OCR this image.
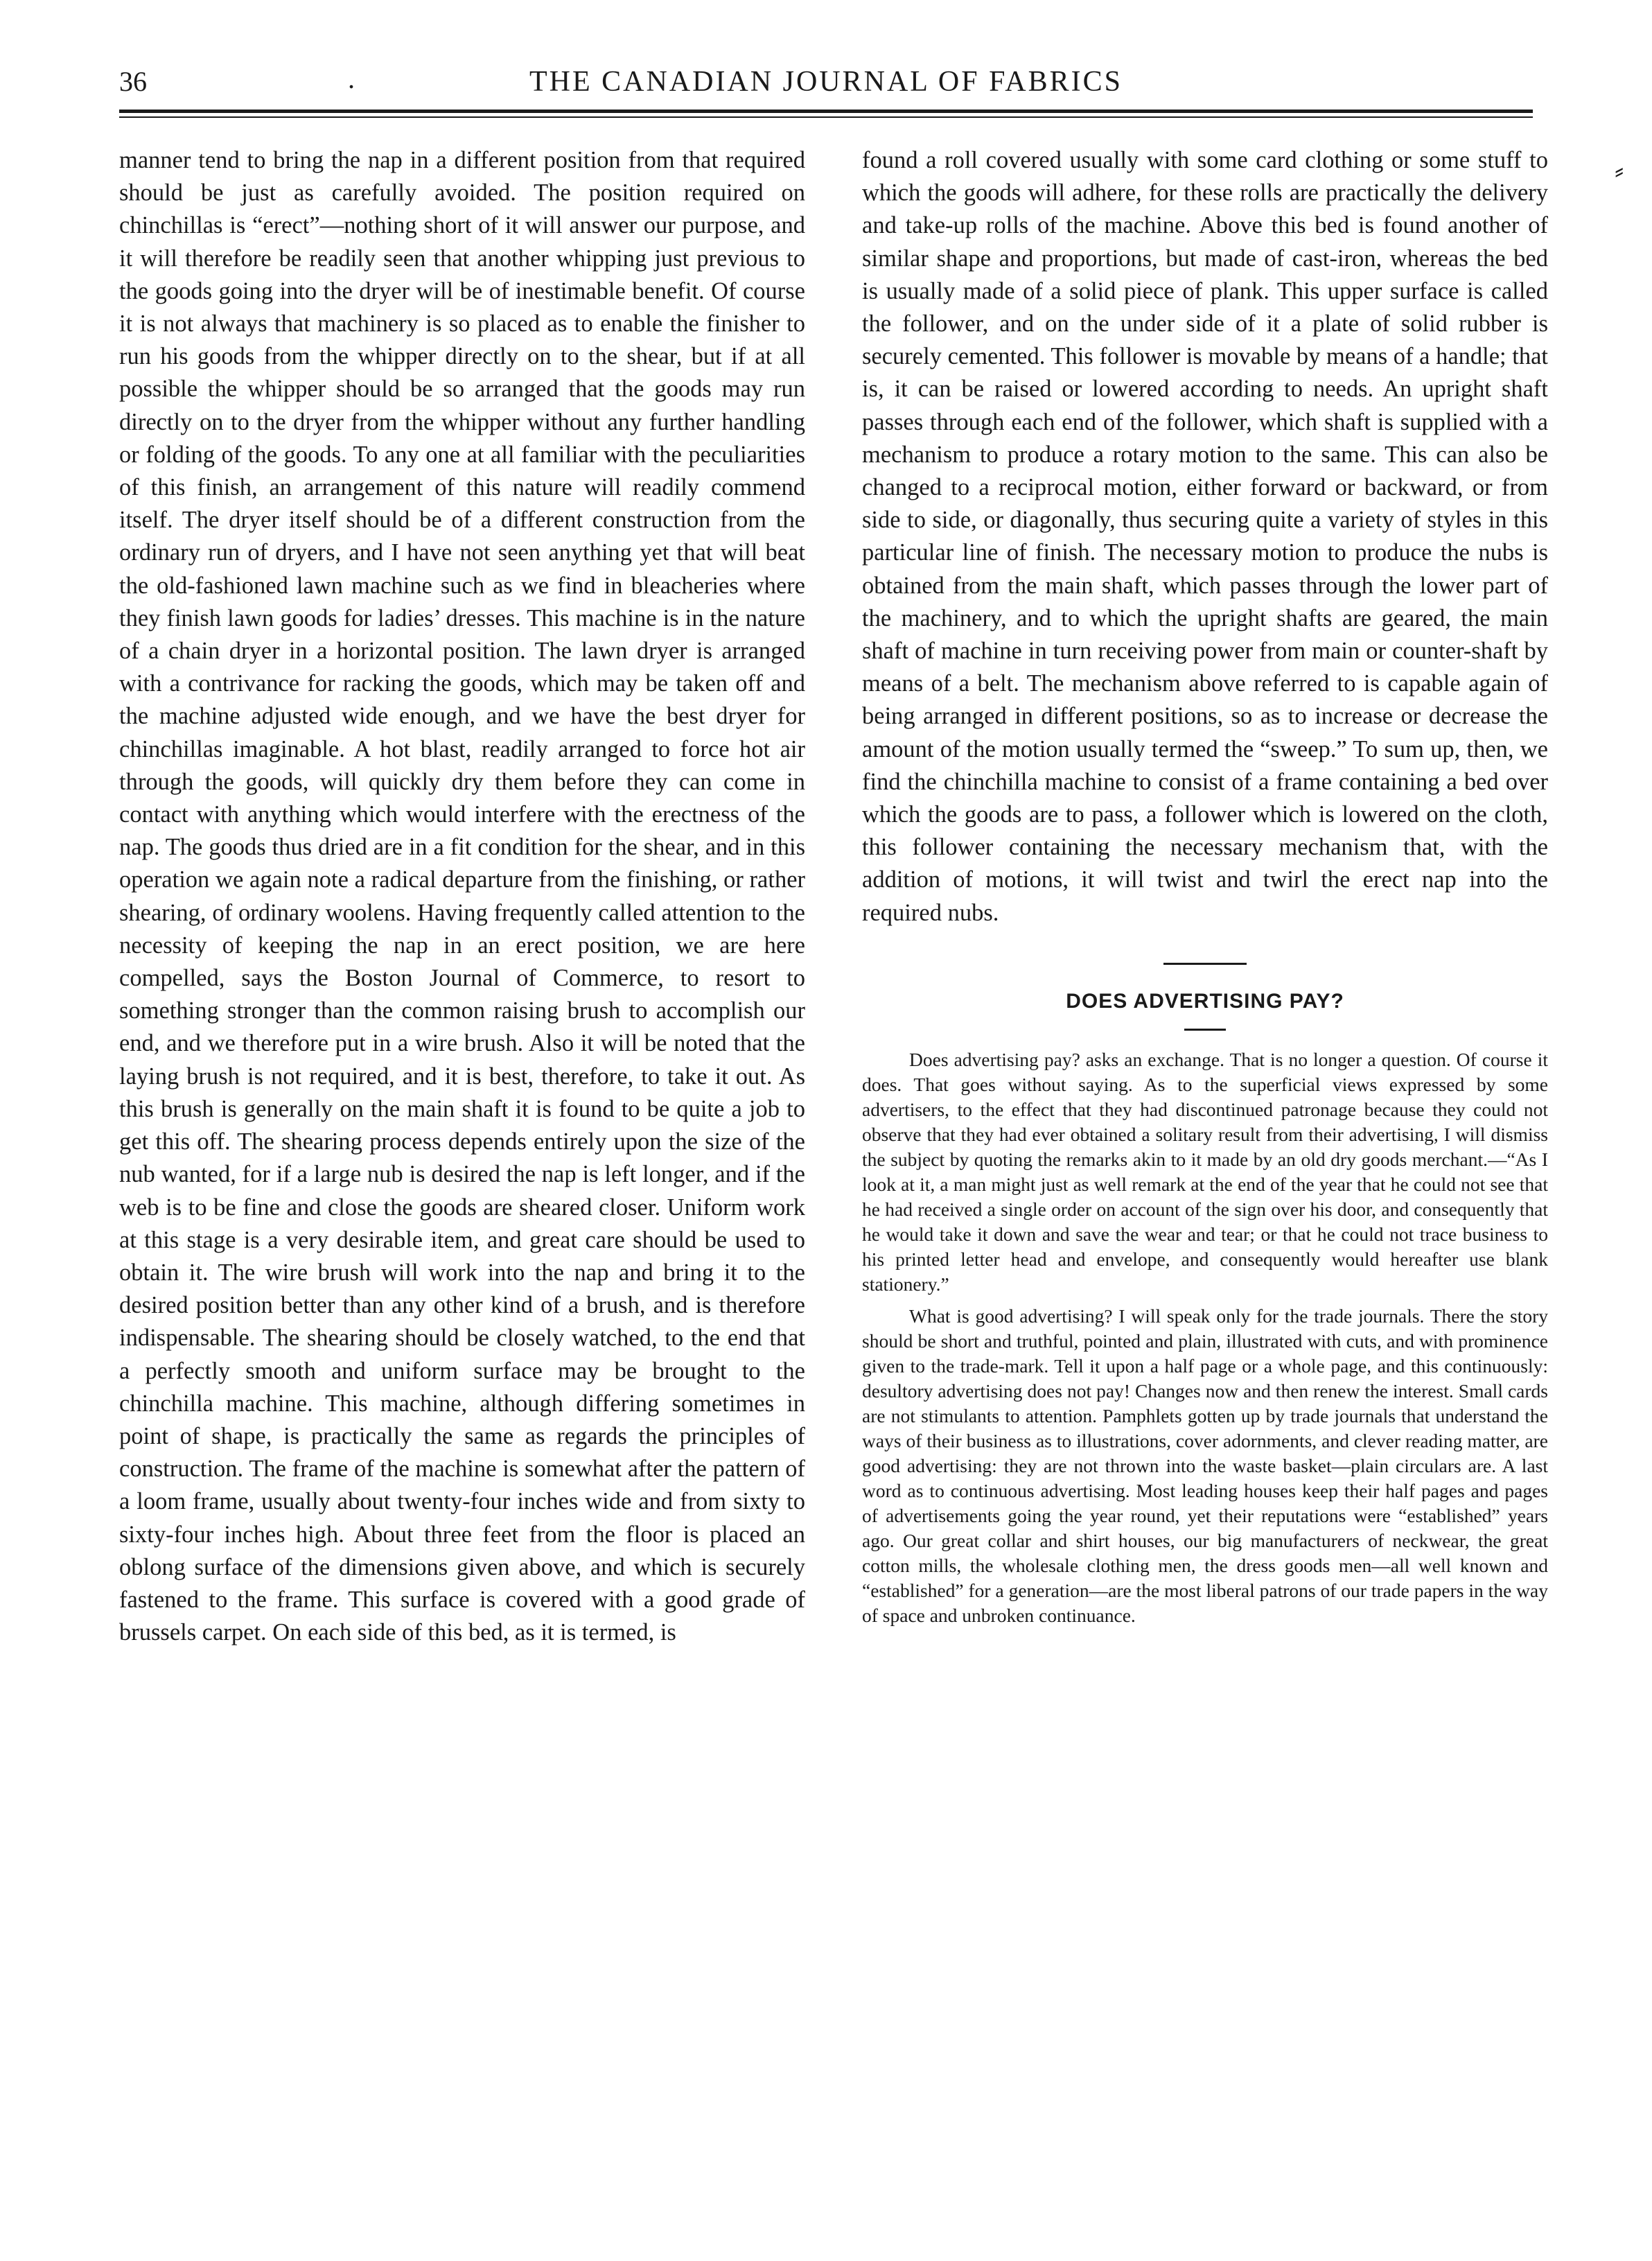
36	.	THE CANADIAN JOURNAL OF FABRICS

manner tend to bring the nap in a different position from that required should be just as carefully avoided. The position required on chinchillas is “erect”—nothing short of it will answer our purpose, and it will therefore be readily seen that another whipping just previous to the goods going into the dryer will be of inestimable benefit. Of course it is not always that machinery is so placed as to enable the finisher to run his goods from the whipper directly on to the shear, but if at all possible the whipper should be so arranged that the goods may run directly on to the dryer from the whipper without any further handling or folding of the goods. To any one at all familiar with the peculiarities of this finish, an arrangement of this nature will readily commend itself. The dryer itself should be of a different construction from the ordinary run of dryers, and I have not seen anything yet that will beat the old-fashioned lawn machine such as we find in bleacheries where they finish lawn goods for ladies’ dresses. This machine is in the nature of a chain dryer in a horizontal position. The lawn dryer is arranged with a contrivance for racking the goods, which may be taken off and the machine adjusted wide enough, and we have the best dryer for chinchillas imaginable. A hot blast, readily arranged to force hot air through the goods, will quickly dry them before they can come in contact with anything which would interfere with the erectness of the nap. The goods thus dried are in a fit condition for the shear, and in this operation we again note a radical departure from the finishing, or rather shearing, of ordinary woolens. Having frequently called attention to the necessity of keeping the nap in an erect position, we are here compelled, says the Boston Journal of Commerce, to resort to something stronger than the common raising brush to accomplish our end, and we therefore put in a wire brush. Also it will be noted that the laying brush is not required, and it is best, therefore, to take it out. As this brush is generally on the main shaft it is found to be quite a job to get this off. The shearing process depends entirely upon the size of the nub wanted, for if a large nub is desired the nap is left longer, and if the web is to be fine and close the goods are sheared closer. Uniform work at this stage is a very desirable item, and great care should be used to obtain it. The wire brush will work into the nap and bring it to the desired position better than any other kind of a brush, and is therefore indispensable. The shearing should be closely watched, to the end that a perfectly smooth and uniform surface may be brought to the chinchilla machine. This machine, although differing sometimes in point of shape, is practically the same as regards the principles of construction. The frame of the machine is somewhat after the pattern of a loom frame, usually about twenty-four inches wide and from sixty to sixty-four inches high. About three feet from the floor is placed an oblong surface of the dimensions given above, and which is securely fastened to the frame. This surface is covered with a good grade of brussels carpet. On each side of this bed, as it is termed, is

found a roll covered usually with some card clothing or some stuff to which the goods will adhere, for these rolls are practically the delivery and take-up rolls of the machine. Above this bed is found another of similar shape and proportions, but made of cast-iron, whereas the bed is usually made of a solid piece of plank. This upper surface is called the follower, and on the under side of it a plate of solid rubber is securely cemented. This follower is movable by means of a handle; that is, it can be raised or lowered according to needs. An upright shaft passes through each end of the follower, which shaft is supplied with a mechanism to produce a rotary motion to the same. This can also be changed to a reciprocal motion, either forward or backward, or from side to side, or diagonally, thus securing quite a variety of styles in this particular line of finish. The necessary motion to produce the nubs is obtained from the main shaft, which passes through the lower part of the machinery, and to which the upright shafts are geared, the main shaft of machine in turn receiving power from main or counter-shaft by means of a belt. The mechanism above referred to is capable again of being arranged in different positions, so as to increase or decrease the amount of the motion usually termed the “sweep.” To sum up, then, we find the chinchilla machine to consist of a frame containing a bed over which the goods are to pass, a follower which is lowered on the cloth, this follower containing the necessary mechanism that, with the addition of motions, it will twist and twirl the erect nap into the required nubs.

DOES ADVERTISING PAY?

Does advertising pay? asks an exchange. That is no longer a question. Of course it does. That goes without saying. As to the superficial views expressed by some advertisers, to the effect that they had discontinued patronage because they could not observe that they had ever obtained a solitary result from their advertising, I will dismiss the subject by quoting the remarks akin to it made by an old dry goods merchant.—“As I look at it, a man might just as well remark at the end of the year that he could not see that he had received a single order on account of the sign over his door, and consequently that he would take it down and save the wear and tear; or that he could not trace business to his printed letter head and envelope, and consequently would hereafter use blank stationery.”

What is good advertising? I will speak only for the trade journals. There the story should be short and truthful, pointed and plain, illustrated with cuts, and with prominence given to the trade-mark. Tell it upon a half page or a whole page, and this continuously: desultory advertising does not pay! Changes now and then renew the interest. Small cards are not stimulants to attention. Pamphlets gotten up by trade journals that understand the ways of their business as to illustrations, cover adornments, and clever reading matter, are good advertising: they are not thrown into the waste basket—plain circulars are. A last word as to continuous advertising. Most leading houses keep their half pages and pages of advertisements going the year round, yet their reputations were “established” years ago. Our great collar and shirt houses, our big manufacturers of neckwear, the great cotton mills, the wholesale clothing men, the dress goods men—all well known and “established” for a generation—are the most liberal patrons of our trade papers in the way of space and unbroken continuance.

⸗
